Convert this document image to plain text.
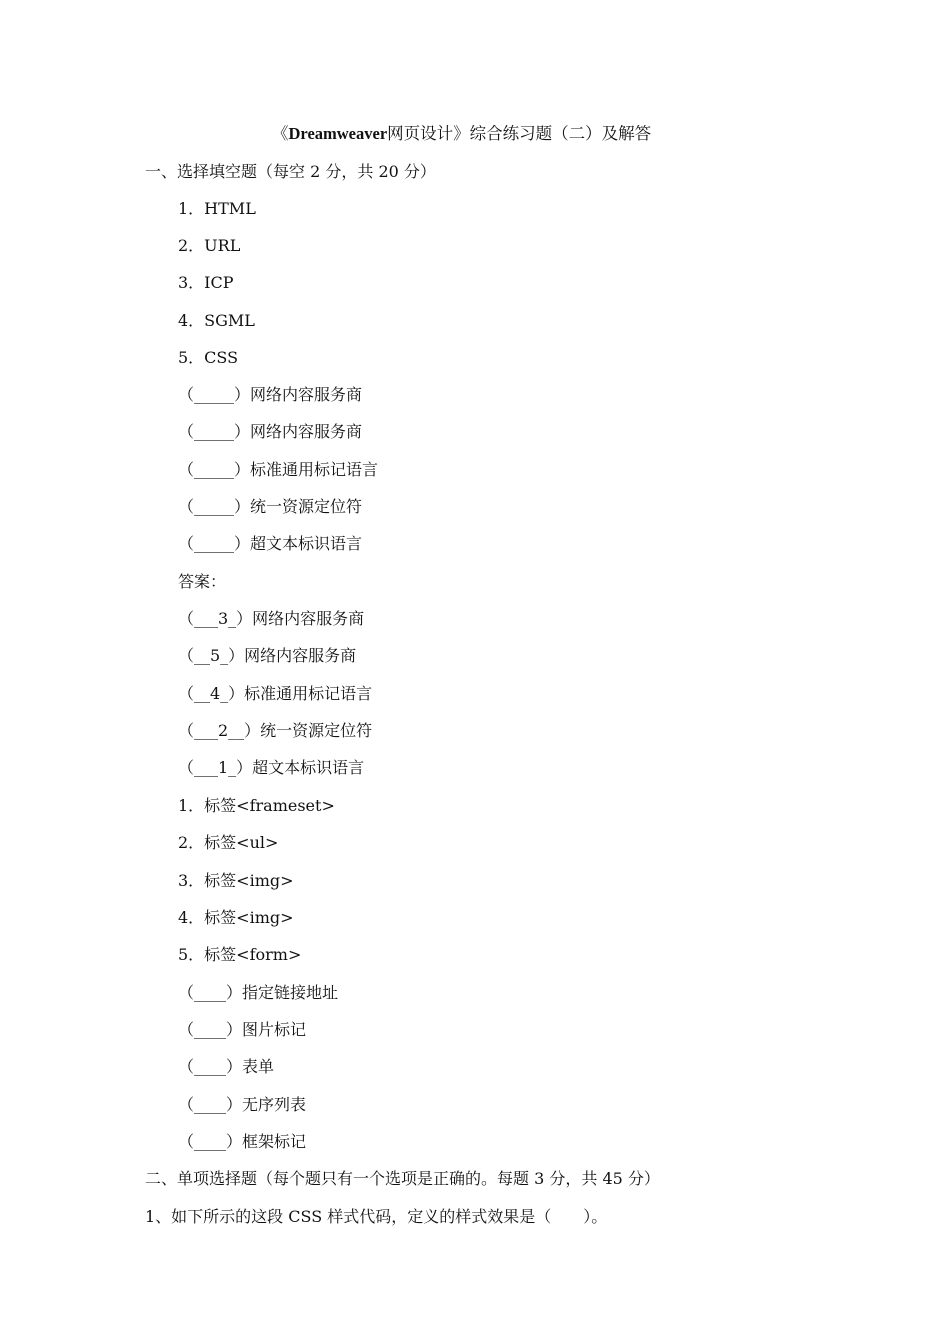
《Dreamweaver网页设计》综合练习题（二）及解答
一、选择填空题（每空 2 分，共 20 分）
1．HTML
2．URL
3．ICP
4．SGML
5．CSS
（_____）网络内容服务商
（_____）网络内容服务商
（_____）标准通用标记语言
（_____）统一资源定位符
（_____）超文本标识语言
答案：
（___3_）网络内容服务商
（__5_）网络内容服务商
（__4_）标准通用标记语言
（___2__）统一资源定位符
（___1_）超文本标识语言
1．标签<frameset>
2．标签<ul>
3．标签<img>
4．标签<img>
5．标签<form>
（____）指定链接地址
（____）图片标记
（____）表单
（____）无序列表
（____）框架标记
二、单项选择题（每个题只有一个选项是正确的。每题 3 分，共 45 分）
1、如下所示的这段 CSS 样式代码，定义的样式效果是（　　）。
